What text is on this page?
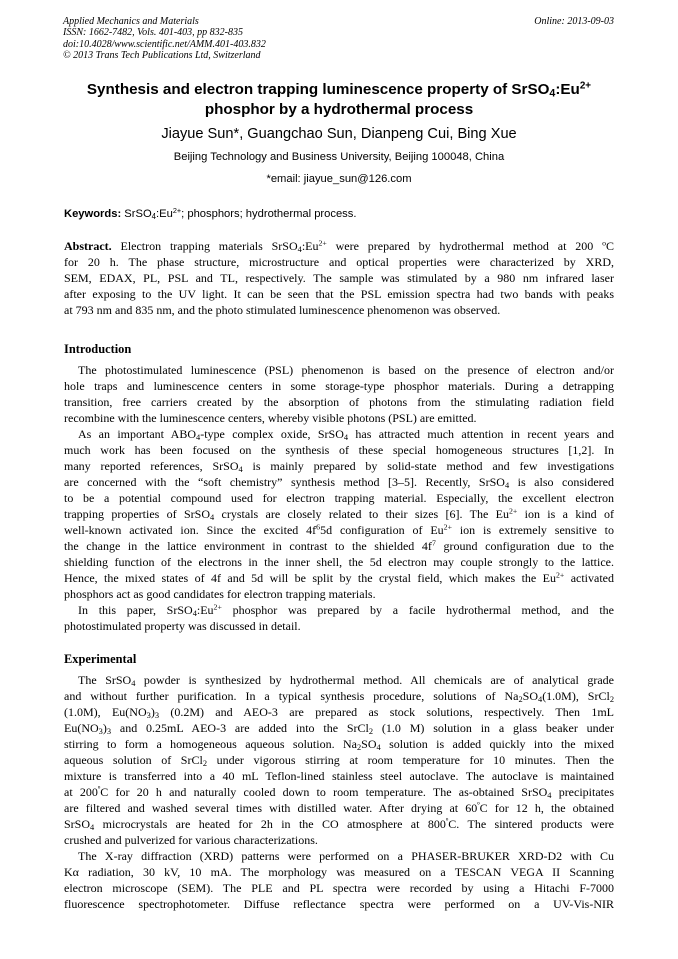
Applied Mechanics and Materials
ISSN: 1662-7482, Vols. 401-403, pp 832-835
doi:10.4028/www.scientific.net/AMM.401-403.832
© 2013 Trans Tech Publications Ltd, Switzerland
Online: 2013-09-03
Synthesis and electron trapping luminescence property of $SrSO_4:Eu^{2+}$
phosphor by a hydrothermal process
Jiayue Sun*, Guangchao Sun, Dianpeng Cui, Bing Xue
Beijing Technology and Business University, Beijing 100048, China
*email: jiayue_sun@126.com
Keywords: $SrSO_4:Eu^{2+}$; phosphors; hydrothermal process.
Abstract. Electron trapping materials $SrSO_4:Eu^{2+}$ were prepared by hydrothermal method at 200 $^o$C
for 20 h. The phase structure, microstructure and optical properties were characterized by XRD,
SEM, EDAX, PL, PSL and TL, respectively. The sample was stimulated by a 980 nm infrared laser
after exposing to the UV light. It can be seen that the PSL emission spectra had two bands with peaks
at 793 nm and 835 nm, and the photo stimulated luminescence phenomenon was observed.
Introduction
The photostimulated luminescence (PSL) phenomenon is based on the presence of electron and/or
hole traps and luminescence centers in some storage-type phosphor materials. During a detrapping
transition, free carriers created by the absorption of photons from the stimulating radiation field
recombine with the luminescence centers, whereby visible photons (PSL) are emitted.
As an important $ABO_4$-type complex oxide, SrSO$_4$ has attracted much attention in recent years and
much work has been focused on the synthesis of these special homogeneous structures [1,2]. In
many reported references, SrSO$_4$ is mainly prepared by solid-state method and few investigations
are concerned with the “soft chemistry” synthesis method [3–5]. Recently, SrSO$_4$ is also considered
to be a potential compound used for electron trapping material. Especially, the excellent electron
trapping properties of SrSO$_4$ crystals are closely related to their sizes [6]. The $Eu^{2+}$ ion is a kind of
well-known activated ion. Since the excited $4f^65d$ configuration of $Eu^{2+}$ ion is extremely sensitive to
the change in the lattice environment in contrast to the shielded $4f^7$ ground configuration due to the
shielding function of the electrons in the inner shell, the 5d electron may couple strongly to the lattice.
Hence, the mixed states of 4f and 5d will be split by the crystal field, which makes the $Eu^{2+}$ activated
phosphors act as good candidates for electron trapping materials.
In this paper, $SrSO_4:Eu^{2+}$ phosphor was prepared by a facile hydrothermal method, and the
photostimulated property was discussed in detail.
Experimental
The SrSO$_4$ powder is synthesized by hydrothermal method. All chemicals are of analytical grade
and without further purification. In a typical synthesis procedure, solutions of $Na_2SO_4(1.0M)$, SrCl$_2$
(1.0M), $Eu(NO_3)_3$ (0.2M) and AEO-3 are prepared as stock solutions, respectively. Then 1mL
$Eu(NO_3)_3$ and 0.25mL AEO-3 are added into the SrCl$_2$ (1.0 M) solution in a glass beaker under
stirring to form a homogeneous aqueous solution. $Na_2SO_4$ solution is added quickly into the mixed
aqueous solution of SrCl$_2$ under vigorous stirring at room temperature for 10 minutes. Then the
mixture is transferred into a 40 mL Teflon-lined stainless steel autoclave. The autoclave is maintained
at $200^ºC$ for 20 h and naturally cooled down to room temperature. The as-obtained SrSO$_4$ precipitates
are filtered and washed several times with distilled water. After drying at $60^ºC$ for 12 h, the obtained
SrSO$_4$ microcrystals are heated for 2h in the CO atmosphere at $800^ºC$. The sintered products were
crushed and pulverized for various characterizations.
The X-ray diffraction (XRD) patterns were performed on a PHASER-BRUKER XRD-D2 with Cu
Kα radiation, 30 kV, 10 mA. The morphology was measured on a TESCAN VEGA II Scanning
electron microscope (SEM). The PLE and PL spectra were recorded by using a Hitachi F-7000
fluorescence spectrophotometer. Diffuse reflectance spectra were performed on a UV-Vis-NIR
